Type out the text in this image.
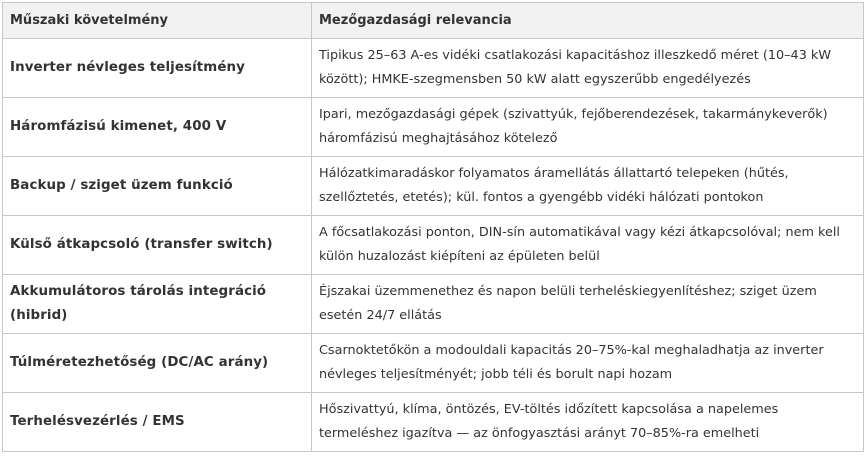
Műszaki követelmény	Mezőgazdasági relevancia
Inverter névleges teljesítmény	Tipikus 25–63 A-es vidéki csatlakozási kapacitáshoz illeszkedő méret (10–43 kW között); HMKE-szegmensben 50 kW alatt egyszerűbb engedélyezés
Háromfázisú kimenet, 400 V	Ipari, mezőgazdasági gépek (szivattyúk, fejőberendezések, takarmánykeverők) háromfázisú meghajtásához kötelező
Backup / sziget üzem funkció	Hálózatkimaradáskor folyamatos áramellátás állattartó telepeken (hűtés, szellőztetés, etetés); kül. fontos a gyengébb vidéki hálózati pontokon
Külső átkapcsoló (transfer switch)	A főcsatlakozási ponton, DIN-sín automatikával vagy kézi átkapcsolóval; nem kell külön huzalozást kiépíteni az épületen belül
Akkumulátoros tárolás integráció (hibrid)	Éjszakai üzemmenethez és napon belüli terheléskiegyenlítéshez; sziget üzem esetén 24/7 ellátás
Túlméretezhetőség (DC/AC arány)	Csarnoktetőkön a modouldali kapacitás 20–75%-kal meghaladhatja az inverter névleges teljesítményét; jobb téli és borult napi hozam
Terhelésvezérlés / EMS	Hőszivattyú, klíma, öntözés, EV-töltés időzített kapcsolása a napelemes termeléshez igazítva — az önfogyasztási arányt 70–85%-ra emelheti
